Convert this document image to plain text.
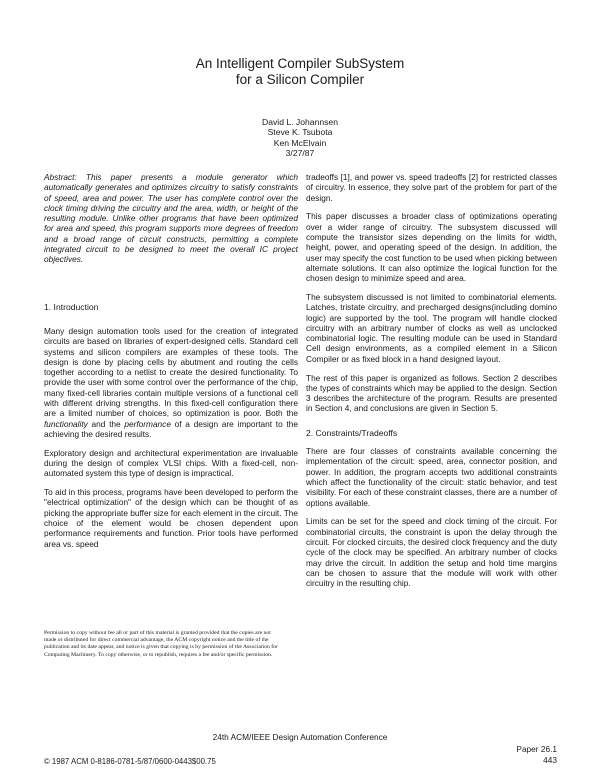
An Intelligent Compiler SubSystem
for a Silicon Compiler
David L. Johannsen
Steve K. Tsubota
Ken McElvain
3/27/87

Abstract: This paper presents a module generator which automatically generates and optimizes circuitry to satisfy constraints of speed, area and power. The user has complete control over the clock timing driving the circuitry and the area, width, or height of the resulting module. Unlike other programs that have been optimized for area and speed, this program supports more degrees of freedom and a broad range of circuit constructs, permitting a complete integrated circuit to be designed to meet the overall IC project objectives.

1. Introduction

Many design automation tools used for the creation of integrated circuits are based on libraries of expert-designed cells. Standard cell systems and silicon compilers are examples of these tools. The design is done by placing cells by abutment and routing the cells together according to a netlist to create the desired functionality. To provide the user with some control over the performance of the chip, many fixed-cell libraries contain multiple versions of a functional cell with different driving strengths. In this fixed-cell configuration there are a limited number of choices, so optimization is poor. Both the functionality and the performance of a design are important to the achieving the desired results.

Exploratory design and architectural experimentation are invaluable during the design of complex VLSI chips. With a fixed-cell, non-automated system this type of design is impractical.

To aid in this process, programs have been developed to perform the "electrical optimization" of the design which can be thought of as picking the appropriate buffer size for each element in the circuit. The choice of the element would be chosen dependent upon performance requirements and function. Prior tools have performed area vs. speed

tradeoffs [1], and power vs. speed tradeoffs [2] for restricted classes of circuitry. In essence, they solve part of the problem for part of the design.

This paper discusses a broader class of optimizations operating over a wider range of circuitry. The subsystem discussed will compute the transistor sizes depending on the limits for width, height, power, and operating speed of the design. In addition, the user may specify the cost function to be used when picking between alternate solutions. It can also optimize the logical function for the chosen design to minimize speed and area.

The subsystem discussed is not limited to combinatorial elements. Latches, tristate circuitry, and precharged designs(including domino logic) are supported by the tool. The program will handle clocked circuitry with an arbitrary number of clocks as well as unclocked combinatorial logic. The resulting module can be used in Standard Cell design environments, as a compiled element in a Silicon Compiler or as fixed block in a hand designed layout.

The rest of this paper is organized as follows. Section 2 describes the types of constraints which may be applied to the design. Section 3 describes the architecture of the program. Results are presented in Section 4, and conclusions are given in Section 5.

2. Constraints/Tradeoffs

There are four classes of constraints available concerning the implementation of the circuit: speed, area, connector position, and power. In addition, the program accepts two additional constraints which affect the functionality of the circuit: static behavior, and test visibility. For each of these constraint classes, there are a number of options available.

Limits can be set for the speed and clock timing of the circuit. For combinatorial circuits, the constraint is upon the delay through the circuit. For clocked circuits, the desired clock frequency and the duty cycle of the clock may be specified. An arbitrary number of clocks may drive the circuit. In addition the setup and hold time margins can be chosen to assure that the module will work with other circuitry in the resulting chip.

Permission to copy without fee all or part of this material is granted provided that the copies are not made or distributed for direct commercial advantage, the ACM copyright notice and the title of the publication and its date appear, and notice is given that copying is by permission of the Association for Computing Machinery. To copy otherwise, or to republish, requires a fee and/or specific permission.

24th ACM/IEEE Design Automation Conference
© 1987 ACM 0-8186-0781-5/87/0600-0443$00.75
Paper 26.1
443
